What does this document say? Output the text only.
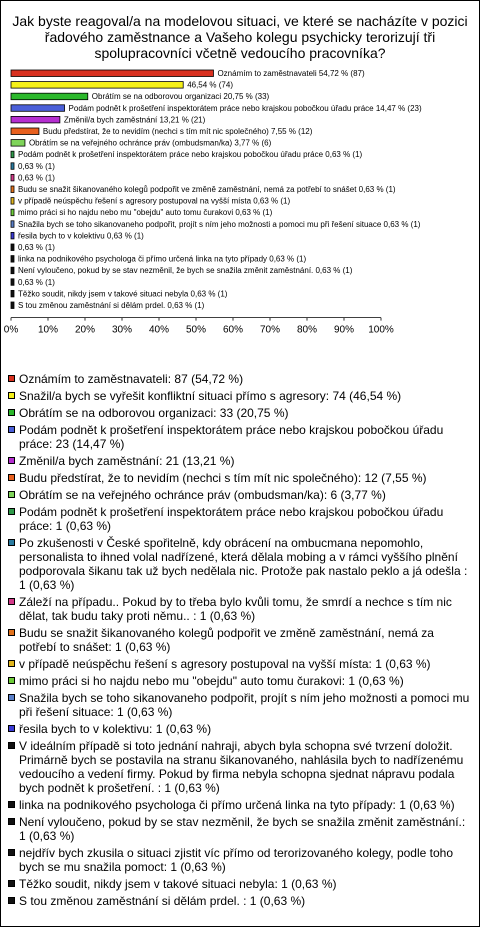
Jak byste reagoval/a na modelovou situaci, ve které se nacházíte v pozici řadového zaměstnance a Vašeho kolegu psychicky terorizují tři spolupracovníci včetně vedoucího pracovníka?
Oznámím to zaměstnavateli 54,72 % (87)
46,54 % (74)
Obrátím se na odborovou organizaci 20,75 % (33)
Podám podnět k prošetření inspektorátem práce nebo krajskou pobočkou úřadu práce 14,47 % (23)
Změnil/a bych zaměstnání 13,21 % (21)
Budu předstírat, že to nevidím (nechci s tím mít nic společného) 7,55 % (12)
Obrátím se na veřejného ochránce práv (ombudsman/ka) 3,77 % (6)
Podám podnět k prošetření inspektorátem práce nebo krajskou pobočkou úřadu práce 0,63 % (1)
0,63 % (1)
0,63 % (1)
Budu se snažit šikanovaného kolegů podpořit ve změně zaměstnání, nemá za potřebí to snášet 0,63 % (1)
v případě neúspěchu řešení s agresory postupoval na vyšší místa 0,63 % (1)
mimo práci si ho najdu nebo mu "obejdu" auto tomu čurakovi 0,63 % (1)
Snažila bych se toho sikanovaneho podpořit, projít s ním jeho možnosti a pomoci mu při řešení situace 0,63 % (1)
řesila bych to v kolektivu 0,63 % (1)
0,63 % (1)
linka na podnikového psychologa či přímo určená linka na tyto případy 0,63 % (1)
Není vyloučeno, pokud by se stav nezměnil, že bych se snažila změnit zaměstnání. 0,63 % (1)
0,63 % (1)
Těžko soudit, nikdy jsem v takové situaci nebyla 0,63 % (1)
S tou změnou zaměstnání si dělám prdel. 0,63 % (1)
0% 10% 20% 30% 40% 50% 60% 70% 80% 90% 100%
Oznámím to zaměstnavateli: 87 (54,72 %)
Snažil/a bych se vyřešit konfliktní situaci přímo s agresory: 74 (46,54 %)
Obrátím se na odborovou organizaci: 33 (20,75 %)
Podám podnět k prošetření inspektorátem práce nebo krajskou pobočkou úřadu práce: 23 (14,47 %)
Změnil/a bych zaměstnání: 21 (13,21 %)
Budu předstírat, že to nevidím (nechci s tím mít nic společného): 12 (7,55 %)
Obrátím se na veřejného ochránce práv (ombudsman/ka): 6 (3,77 %)
Podám podnět k prošetření inspektorátem práce nebo krajskou pobočkou úřadu práce: 1 (0,63 %)
Po zkušenosti v České spořitelně, kdy obrácení na ombucmana nepomohlo, personalista to ihned volal nadřízené, která dělala mobing a v rámci vyššího plnění podporovala šikanu tak už bych nedělala nic. Protože pak nastalo peklo a já odešla : 1 (0,63 %)
Záleží na případu.. Pokud by to třeba bylo kvůli tomu, že smrdí a nechce s tím nic dělat, tak budu taky proti němu.. : 1 (0,63 %)
Budu se snažit šikanovaného kolegů podpořit ve změně zaměstnání, nemá za potřebí to snášet: 1 (0,63 %)
v případě neúspěchu řešení s agresory postupoval na vyšší místa: 1 (0,63 %)
mimo práci si ho najdu nebo mu "obejdu" auto tomu čurakovi: 1 (0,63 %)
Snažila bych se toho sikanovaneho podpořit, projít s ním jeho možnosti a pomoci mu při řešení situace: 1 (0,63 %)
řesila bych to v kolektivu: 1 (0,63 %)
V ideálním případě si toto jednání nahraji, abych byla schopna své tvrzení doložit. Primárně bych se postavila na stranu šikanovaného, nahlásila bych to nadřízenému vedoucího a vedení firmy. Pokud by firma nebyla schopna sjednat nápravu podala bych podnět k prošetření. : 1 (0,63 %)
linka na podnikového psychologa či přímo určená linka na tyto případy: 1 (0,63 %)
Není vyloučeno, pokud by se stav nezměnil, že bych se snažila změnit zaměstnání.: 1 (0,63 %)
nejdřív bych zkusila o situaci zjistit víc přímo od terorizovaného kolegy, podle toho bych se mu snažila pomoct: 1 (0,63 %)
Těžko soudit, nikdy jsem v takové situaci nebyla: 1 (0,63 %)
S tou změnou zaměstnání si dělám prdel. : 1 (0,63 %)
